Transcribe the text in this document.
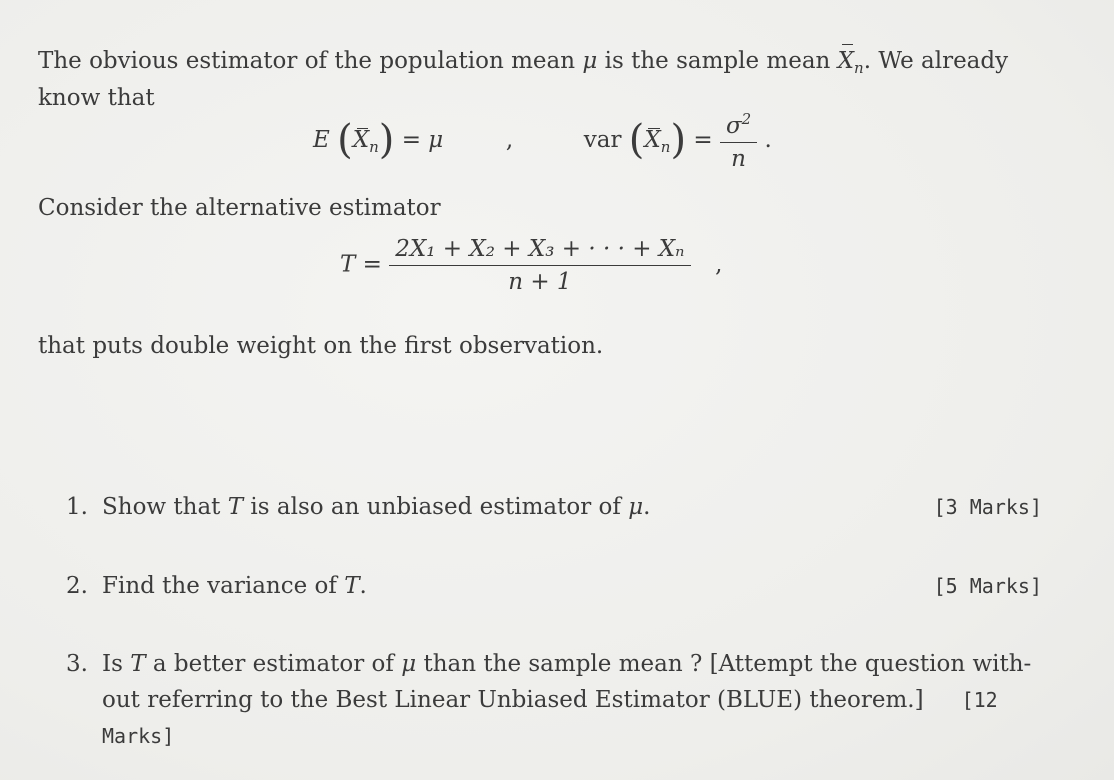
The obvious estimator of the population mean μ is the sample mean $X_n$. We already
know that
E $(X_n) = \mu$	,	var $(X_n) = \frac{\sigma^2}{n}$ .
Consider the alternative estimator
$T = \frac{\text{2X₁ + X₂ + X₃ + · · · + Xₙ}}{n + 1}$ ,
that puts double weight on the first observation.
1. Show that T is also an unbiased estimator of μ.	[3 Marks]
2. Find the variance of T.	[5 Marks]
3. Is T a better estimator of μ than the sample mean ? [Attempt the question with-
out referring to the Best Linear Unbiased Estimator (BLUE) theorem.] [12
Marks]
